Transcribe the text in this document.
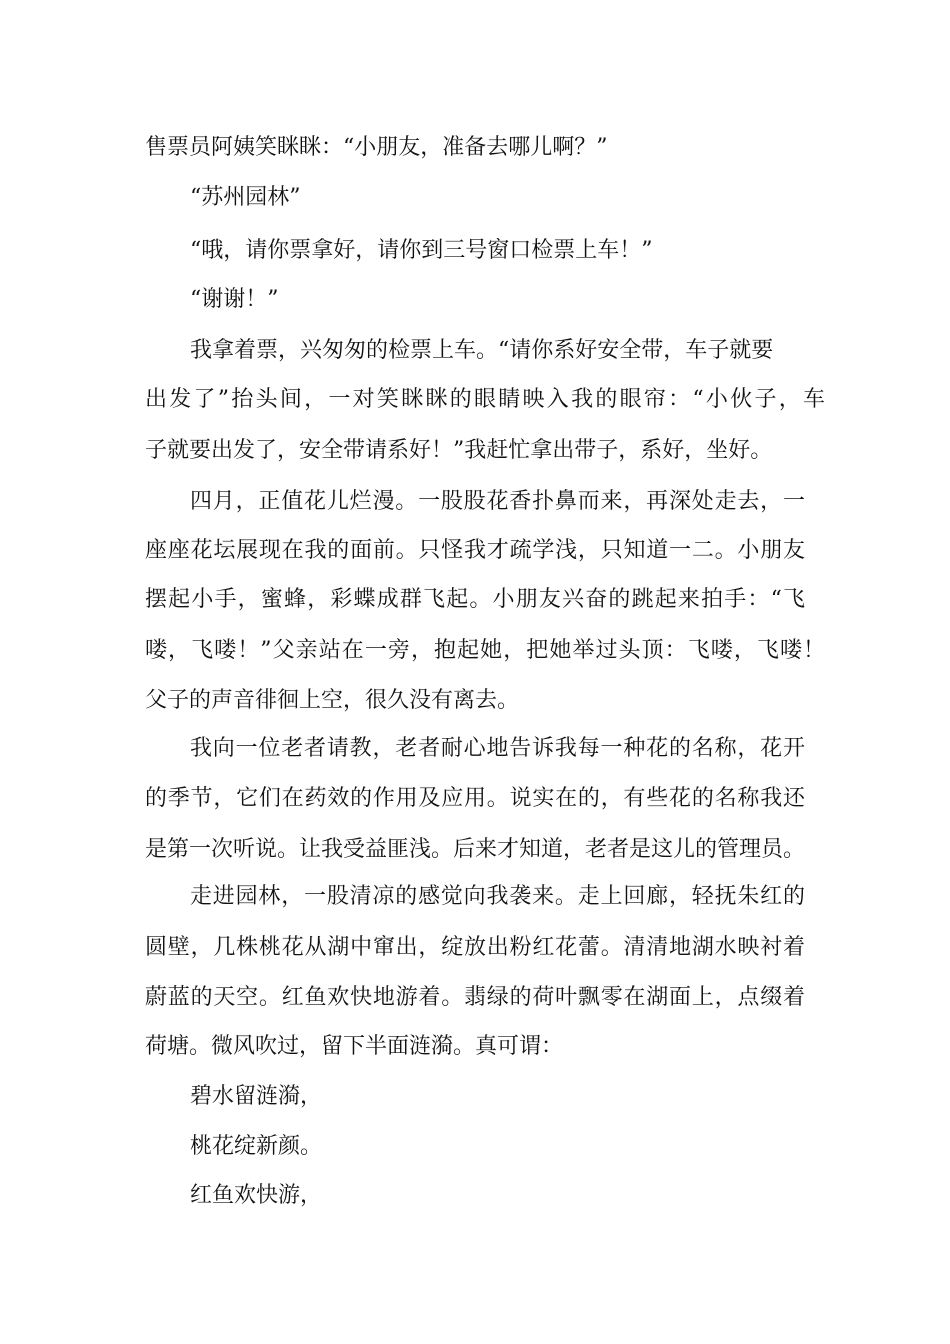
售票员阿姨笑眯眯：“小朋友，准备去哪儿啊？”

“苏州园林”

“哦，请你票拿好，请你到三号窗口检票上车！”

“谢谢！”

我拿着票，兴匆匆的检票上车。“请你系好安全带，车子就要

出发了”抬头间，一对笑眯眯的眼睛映入我的眼帘：“小伙子，车

子就要出发了，安全带请系好！”我赶忙拿出带子，系好，坐好。

四月，正值花儿烂漫。一股股花香扑鼻而来，再深处走去，一

座座花坛展现在我的面前。只怪我才疏学浅，只知道一二。小朋友

摆起小手，蜜蜂，彩蝶成群飞起。小朋友兴奋的跳起来拍手：“飞

喽，飞喽！”父亲站在一旁，抱起她，把她举过头顶：飞喽，飞喽！

父子的声音徘徊上空，很久没有离去。

我向一位老者请教，老者耐心地告诉我每一种花的名称，花开

的季节，它们在药效的作用及应用。说实在的，有些花的名称我还

是第一次听说。让我受益匪浅。后来才知道，老者是这儿的管理员。

走进园林，一股清凉的感觉向我袭来。走上回廊，轻抚朱红的

圆壁，几株桃花从湖中窜出，绽放出粉红花蕾。清清地湖水映衬着

蔚蓝的天空。红鱼欢快地游着。翡绿的荷叶飘零在湖面上，点缀着

荷塘。微风吹过，留下半面涟漪。真可谓：

碧水留涟漪，

桃花绽新颜。

红鱼欢快游，
